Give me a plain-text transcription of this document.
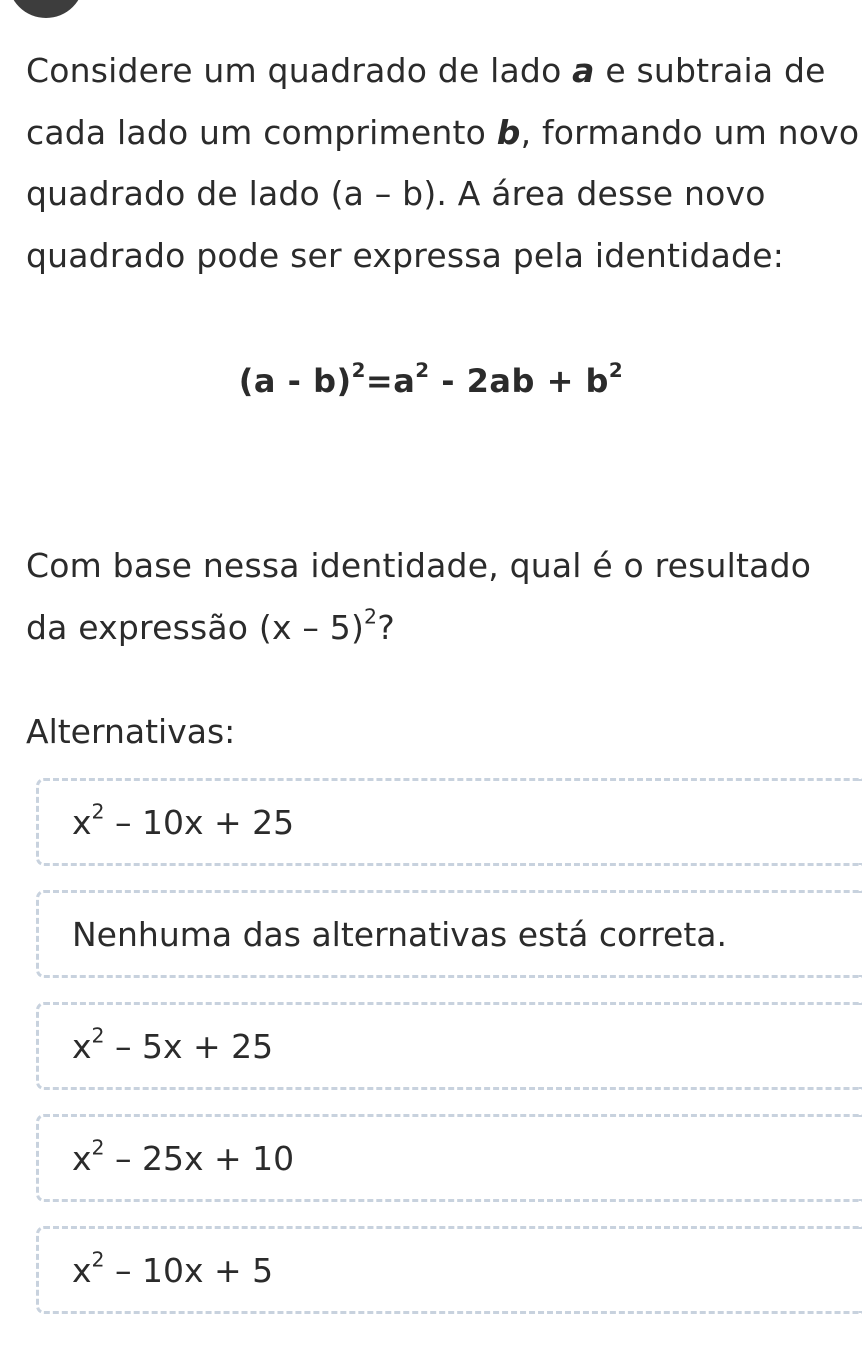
Considere um quadrado de lado a e subtraia de cada lado um comprimento b, formando um novo quadrado de lado (a – b). A área desse novo quadrado pode ser expressa pela identidade:
$(a - b)^2=a^2 - 2ab + b^2$
Com base nessa identidade, qual é o resultado da expressão (x – 5)$^2$?
Alternativas:
$x^2 - 10x + 25$
Nenhuma das alternativas está correta.
$x^2 - 5x + 25$
$x^2 - 25x + 10$
$x^2 - 10x + 5$
